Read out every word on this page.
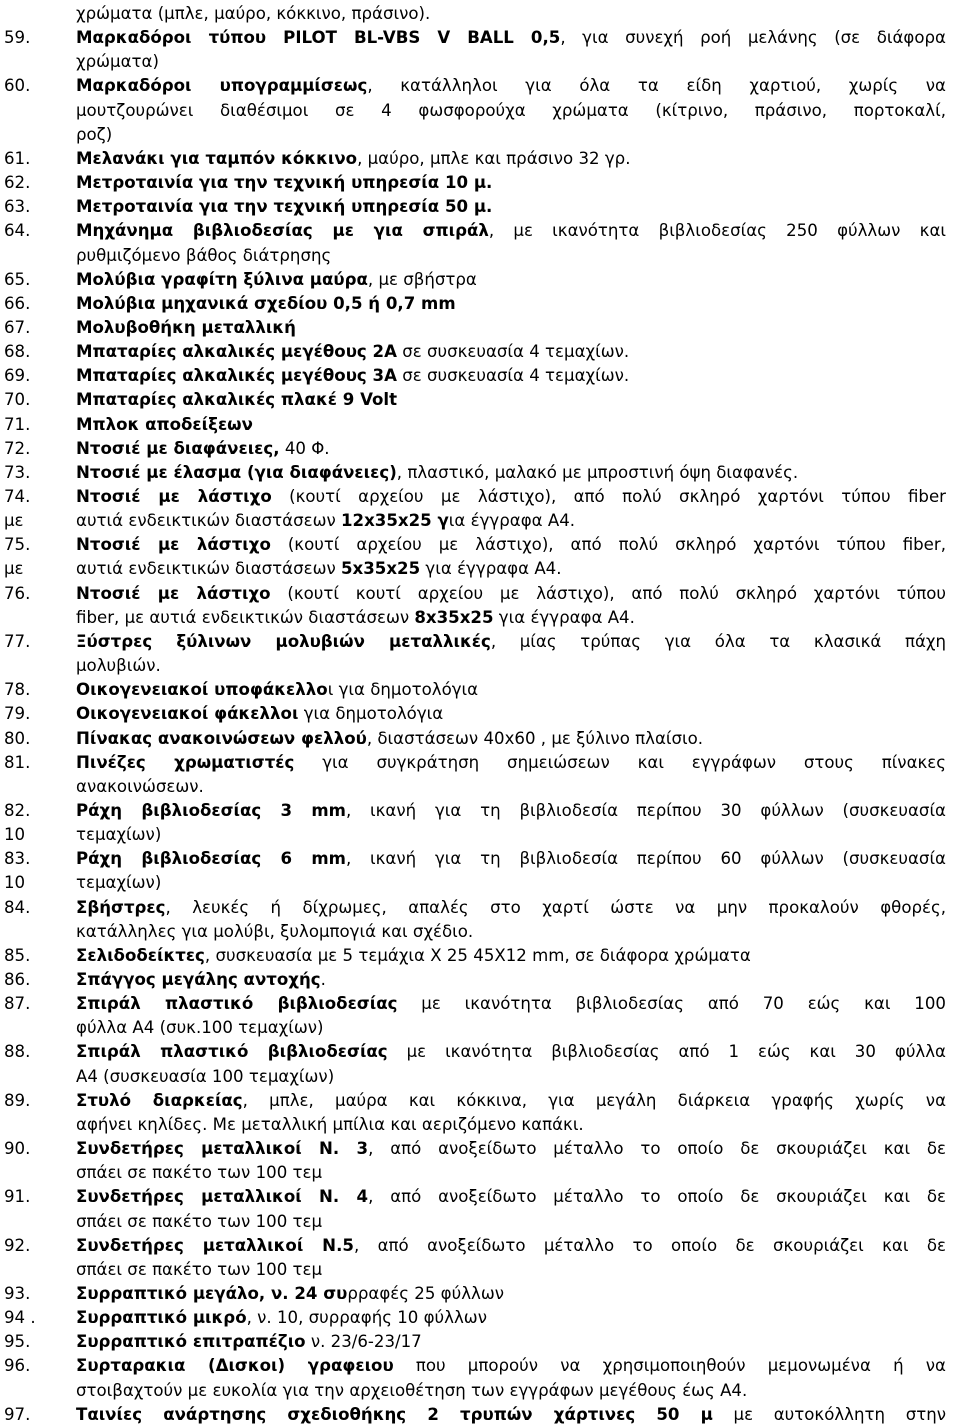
χρώματα (μπλε, μαύρο, κόκκινο, πράσινο).
59.	Μαρκαδόροι τύπου PILOT BL-VBS V BALL 0,5, για συνεχή ροή μελάνης (σε διάφορα
χρώματα)
60.	Μαρκαδόροι υπογραμμίσεως, κατάλληλοι για όλα τα είδη χαρτιού, χωρίς να
μουτζουρώνει διαθέσιμοι σε 4 φωσφορούχα χρώματα (κίτρινο, πράσινο, πορτοκαλί,
ροζ)
61.	Μελανάκι για ταμπόν κόκκινο, μαύρο, μπλε και πράσινο 32 γρ.
62.	Μετροταινία για την τεχνική υπηρεσία 10 μ.
63.	Μετροταινία για την τεχνική υπηρεσία 50 μ.
64.	Μηχάνημα βιβλιοδεσίας με για σπιράλ, με ικανότητα βιβλιοδεσίας 250 φύλλων και
ρυθμιζόμενο βάθος διάτρησης
65.	Μολύβια γραφίτη ξύλινα μαύρα, με σβήστρα
66.	Μολύβια μηχανικά σχεδίου 0,5 ή 0,7 mm
67.	Μολυβοθήκη μεταλλική
68.	Μπαταρίες αλκαλικές μεγέθους 2Α σε συσκευασία 4 τεμαχίων.
69.	Μπαταρίες αλκαλικές μεγέθους 3Α σε συσκευασία 4 τεμαχίων.
70.	Μπαταρίες αλκαλικές πλακέ 9 Volt
71.	Μπλοκ αποδείξεων
72.	Ντοσιέ με διαφάνειες, 40 Φ.
73.	Ντοσιέ με έλασμα (για διαφάνειες), πλαστικό, μαλακό με μπροστινή όψη διαφανές.
74.	Ντοσιέ με λάστιχο (κουτί αρχείου με λάστιχο), από πολύ σκληρό χαρτόνι τύπου fiber
με	αυτιά ενδεικτικών διαστάσεων 12x35x25 για έγγραφα Α4.
75.	Ντοσιέ με λάστιχο (κουτί αρχείου με λάστιχο), από πολύ σκληρό χαρτόνι τύπου fiber,
με	αυτιά ενδεικτικών διαστάσεων 5x35x25 για έγγραφα Α4.
76.	Ντοσιέ με λάστιχο (κουτί κουτί αρχείου με λάστιχο), από πολύ σκληρό χαρτόνι τύπου
fiber, με αυτιά ενδεικτικών διαστάσεων 8x35x25 για έγγραφα Α4.
77.	Ξύστρες ξύλινων μολυβιών μεταλλικές, μίας τρύπας για όλα τα κλασικά πάχη
μολυβιών.
78.	Οικογενειακοί υποφάκελλοι για δημοτολόγια
79.	Οικογενειακοί φάκελλοι για δημοτολόγια
80.	Πίνακας ανακοινώσεων φελλού, διαστάσεων 40x60 , με ξύλινο πλαίσιο.
81.	Πινέζες χρωματιστές για συγκράτηση σημειώσεων και εγγράφων στους πίνακες
ανακοινώσεων.
82.	Ράχη βιβλιοδεσίας 3 mm, ικανή για τη βιβλιοδεσία περίπου 30 φύλλων (συσκευασία
10	τεμαχίων)
83.	Ράχη βιβλιοδεσίας 6 mm, ικανή για τη βιβλιοδεσία περίπου 60 φύλλων (συσκευασία
10	τεμαχίων)
84.	Σβήστρες, λευκές ή δίχρωμες, απαλές στο χαρτί ώστε να μην προκαλούν φθορές,
κατάλληλες για μολύβι, ξυλομπογιά και σχέδιο.
85.	Σελιδοδείκτες, συσκευασία με 5 τεμάχια Χ 25 45Χ12 mm, σε διάφορα χρώματα
86.	Σπάγγος μεγάλης αντοχής.
87.	Σπιράλ πλαστικό βιβλιοδεσίας με ικανότητα βιβλιοδεσίας από 70 εώς και 100
φύλλα Α4 (συκ.100 τεμαχίων)
88.	Σπιράλ πλαστικό βιβλιοδεσίας με ικανότητα βιβλιοδεσίας από 1 εώς και 30 φύλλα
Α4 (συσκευασία 100 τεμαχίων)
89.	Στυλό διαρκείας, μπλε, μαύρα και κόκκινα, για μεγάλη διάρκεια γραφής χωρίς να
αφήνει κηλίδες. Με μεταλλική μπίλια και αεριζόμενο καπάκι.
90.	Συνδετήρες μεταλλικοί Ν. 3, από ανοξείδωτο μέταλλο το οποίο δε σκουριάζει και δε
σπάει σε πακέτο των 100 τεμ
91.	Συνδετήρες μεταλλικοί Ν. 4, από ανοξείδωτο μέταλλο το οποίο δε σκουριάζει και δε
σπάει σε πακέτο των 100 τεμ
92.	Συνδετήρες μεταλλικοί Ν.5, από ανοξείδωτο μέταλλο το οποίο δε σκουριάζει και δε
σπάει σε πακέτο των 100 τεμ
93.	Συρραπτικό μεγάλο, ν. 24 συρραφές 25 φύλλων
94 . Συρραπτικό μικρό, ν. 10, συρραφής 10 φύλλων
95.	Συρραπτικό επιτραπέζιο ν. 23/6-23/17
96.	Συρταρακια (Δισκοι) γραφειου που μπορούν να χρησιμοποιηθούν μεμονωμένα ή να
στοιβαχτούν με ευκολία για την αρχειοθέτηση των εγγράφων μεγέθους έως Α4.
97.	Ταινίες ανάρτησης σχεδιοθήκης 2 τρυπών χάρτινες 50 μ με αυτοκόλλητη στην
